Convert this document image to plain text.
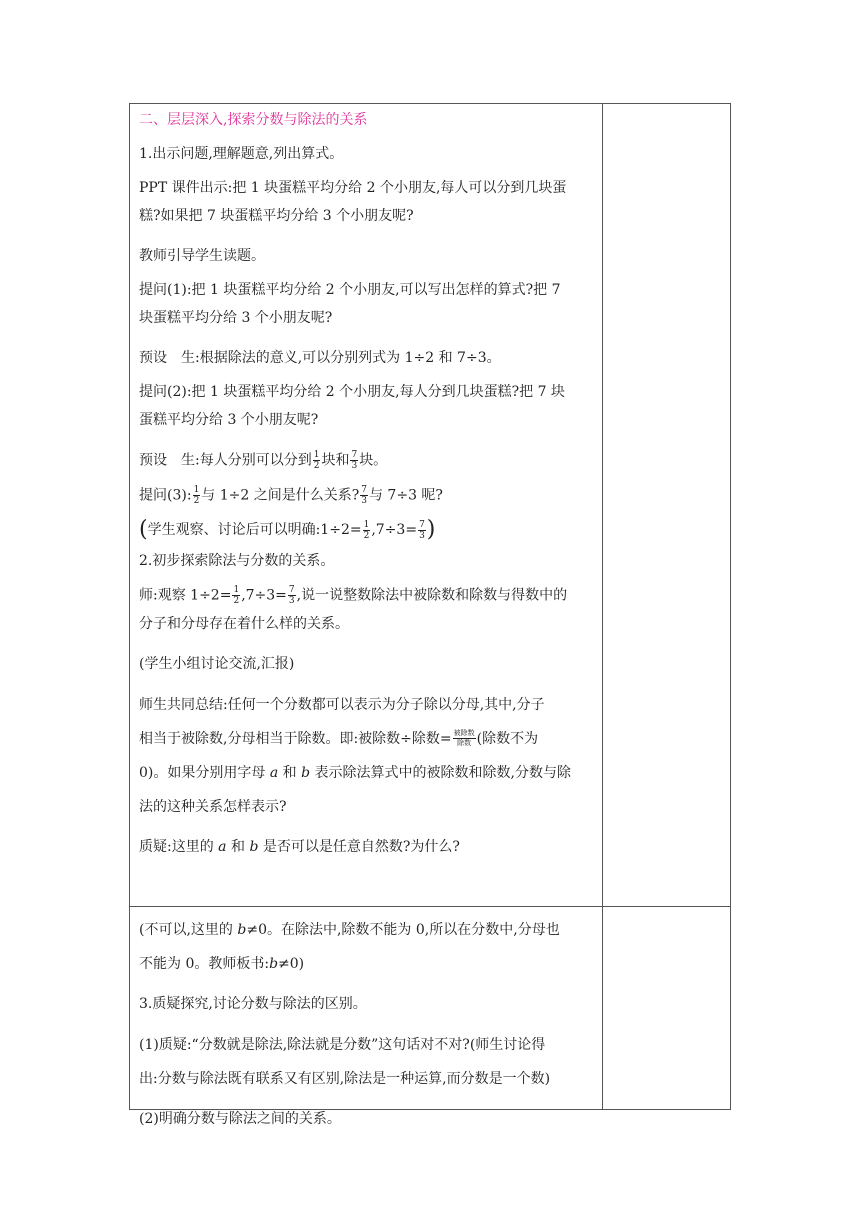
二、层层深入,探索分数与除法的关系
1.出示问题,理解题意,列出算式。
PPT 课件出示:把 1 块蛋糕平均分给 2 个小朋友,每人可以分到几块蛋
糕?如果把 7 块蛋糕平均分给 3 个小朋友呢?
教师引导学生读题。
提问(1):把 1 块蛋糕平均分给 2 个小朋友,可以写出怎样的算式?把 7
块蛋糕平均分给 3 个小朋友呢?
预设　生:根据除法的意义,可以分别列式为 1÷2 和 7÷3。
提问(2):把 1 块蛋糕平均分给 2 个小朋友,每人分到几块蛋糕?把 7 块
蛋糕平均分给 3 个小朋友呢?
预设　生:每人分别可以分到 $\frac{1}{2}$ 块和 $\frac{7}{3}$ 块。
提问(3): $\frac{1}{2}$ 与 1÷2 之间是什么关系? $\frac{7}{3}$ 与 7÷3 呢?
(学生观察、讨论后可以明确:1÷2= $\frac{1}{2} ,7\div 3= \frac{7}{3}$ )
2.初步探索除法与分数的关系。
师:观察 $1\div 2= \frac{1}{2} ,7\div 3= \frac{7}{3}$ ,说一说整数除法中被除数和除数与得数中的
分子和分母存在着什么样的关系。
(学生小组讨论交流,汇报)
师生共同总结:任何一个分数都可以表示为分子除以分母,其中,分子
相当于被除数,分母相当于除数。即:被除数÷除数= $\frac{\text{被除数}}{\text{除数}}$ (除数不为
0)。如果分别用字母 a 和 b 表示除法算式中的被除数和除数,分数与除
法的这种关系怎样表示?
质疑:这里的 a 和 b 是否可以是任意自然数?为什么?
(不可以,这里的 b≠0。在除法中,除数不能为 0,所以在分数中,分母也
不能为 0。教师板书:b≠0)
3.质疑探究,讨论分数与除法的区别。
(1)质疑:“分数就是除法,除法就是分数”这句话对不对?(师生讨论得
出:分数与除法既有联系又有区别,除法是一种运算,而分数是一个数)
(2)明确分数与除法之间的关系。
